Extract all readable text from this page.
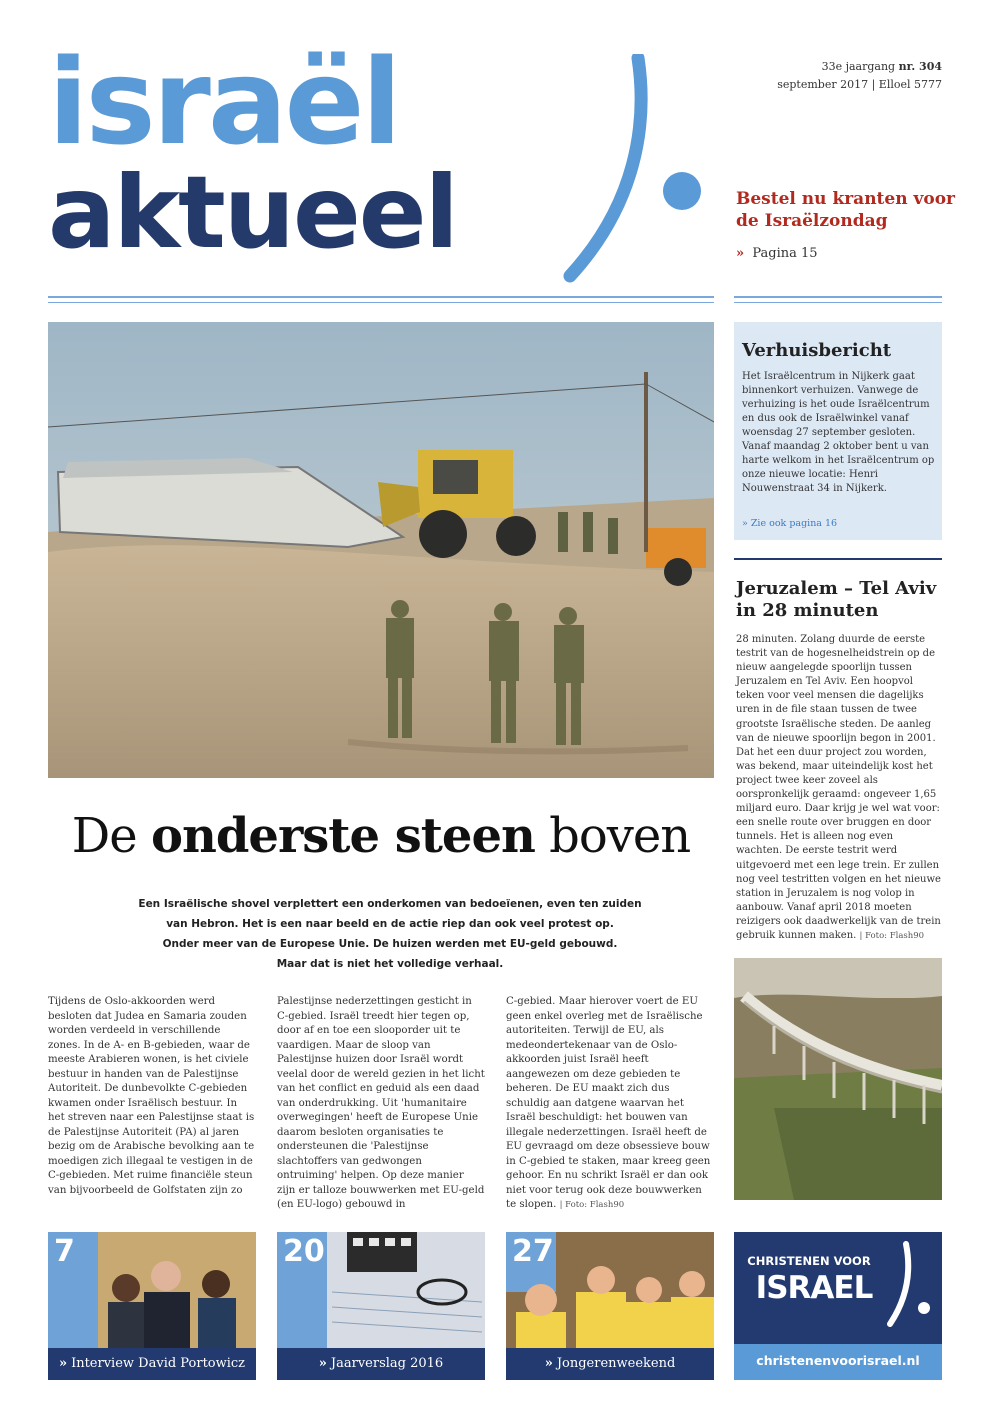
israël
aktueel
33e jaargang nr. 304
september 2017 | Elloel 5777
Bestel nu kranten voor de Israëlzondag
» Pagina 15
De onderste steen boven
Een Israëlische shovel verplettert een onderkomen van bedoeïenen, even ten zuiden
van Hebron. Het is een naar beeld en de actie riep dan ook veel protest op.
Onder meer van de Europese Unie. De huizen werden met EU-geld gebouwd.
Maar dat is niet het volledige verhaal.

Tijdens de Oslo-akkoorden werd besloten dat Judea en Samaria zouden worden verdeeld in verschillende zones. In de A- en B-gebieden, waar de meeste Arabieren wonen, is het civiele bestuur in handen van de Palestijnse Autoriteit. De dunbevolkte C-gebieden kwamen onder Israëlisch bestuur. In het streven naar een Palestijnse staat is de Palestijnse Autoriteit (PA) al jaren bezig om de Arabische bevolking aan te moedigen zich illegaal te vestigen in de C-gebieden. Met ruime financiële steun van bijvoorbeeld de Golfstaten zijn zo

Palestijnse nederzettingen gesticht in C-gebied. Israël treedt hier tegen op, door af en toe een slooporder uit te vaardigen. Maar de sloop van Palestijnse huizen door Israël wordt veelal door de wereld gezien in het licht van het conflict en geduid als een daad van onderdrukking. Uit 'humanitaire overwegingen' heeft de Europese Unie daarom besloten organisaties te ondersteunen die 'Palestijnse slachtoffers van gedwongen ontruiming' helpen. Op deze manier zijn er talloze bouwwerken met EU-geld (en EU-logo) gebouwd in

C-gebied. Maar hierover voert de EU geen enkel overleg met de Israëlische autoriteiten. Terwijl de EU, als medeondertekenaar van de Oslo-akkoorden juist Israël heeft aangewezen om deze gebieden te beheren. De EU maakt zich dus schuldig aan datgene waarvan het Israël beschuldigt: het bouwen van illegale nederzettingen. Israël heeft de EU gevraagd om deze obsessieve bouw in C-gebied te staken, maar kreeg geen gehoor. En nu schrikt Israël er dan ook niet voor terug ook deze bouwwerken te slopen. | Foto: Flash90

Verhuisbericht
Het Israëlcentrum in Nijkerk gaat binnenkort verhuizen. Vanwege de verhuizing is het oude Israëlcentrum en dus ook de Israëlwinkel vanaf woensdag 27 september gesloten. Vanaf maandag 2 oktober bent u van harte welkom in het Israëlcentrum op onze nieuwe locatie: Henri Nouwenstraat 34 in Nijkerk.
» Zie ook pagina 16
Jeruzalem – Tel Aviv in 28 minuten
28 minuten. Zolang duurde de eerste testrit van de hogesnelheidstrein op de nieuw aangelegde spoorlijn tussen Jeruzalem en Tel Aviv. Een hoopvol teken voor veel mensen die dagelijks uren in de file staan tussen de twee grootste Israëlische steden. De aanleg van de nieuwe spoorlijn begon in 2001. Dat het een duur project zou worden, was bekend, maar uiteindelijk kost het project twee keer zoveel als oorspronkelijk geraamd: ongeveer 1,65 miljard euro. Daar krijg je wel wat voor: een snelle route over bruggen en door tunnels. Het is alleen nog even wachten. De eerste testrit werd uitgevoerd met een lege trein. Er zullen nog veel testritten volgen en het nieuwe station in Jeruzalem is nog volop in aanbouw. Vanaf april 2018 moeten reizigers ook daadwerkelijk van de trein gebruik kunnen maken. | Foto: Flash90
7
» Interview David Portowicz
20
» Jaarverslag 2016
27
» Jongerenweekend
CHRISTENEN VOOR
ISRAEL
christenenvoorisrael.nl
